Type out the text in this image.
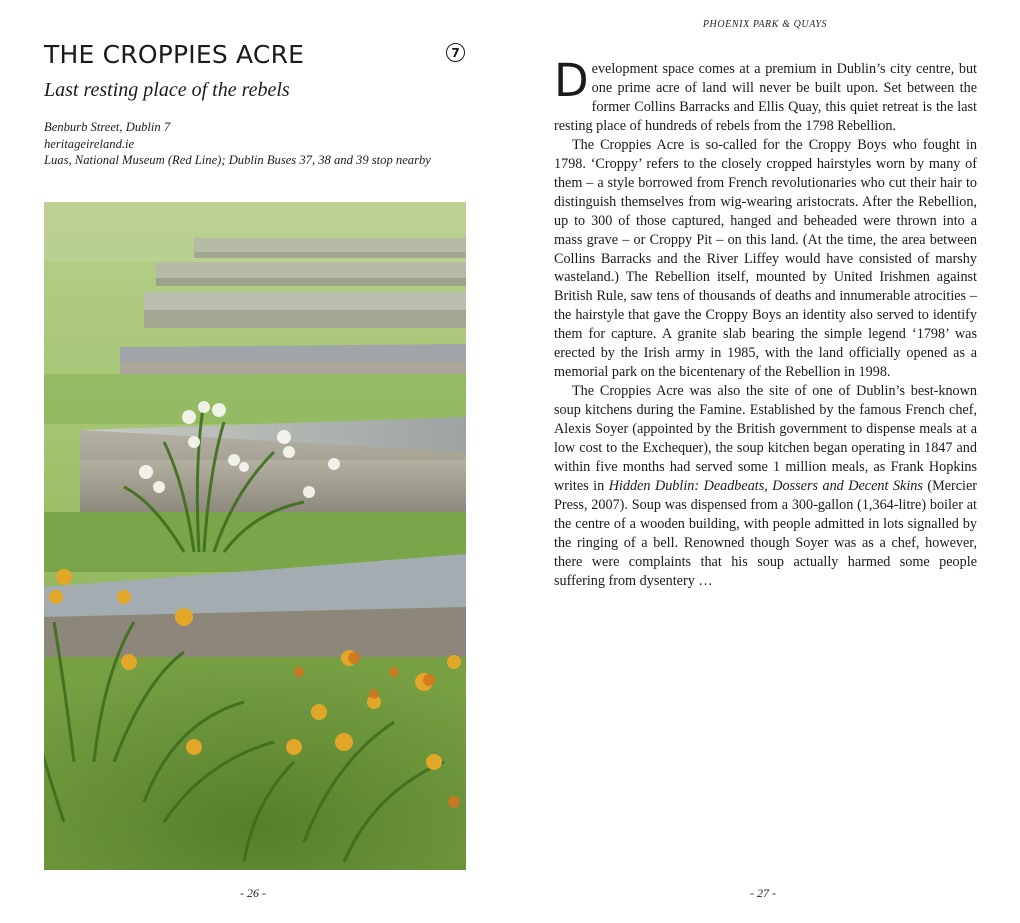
THE CROPPIES ACRE	7
Last resting place of the rebels
Benburb Street, Dublin 7
heritageireland.ie
Luas, National Museum (Red Line); Dublin Buses 37, 38 and 39 stop nearby
- 26 -
PHOENIX PARK & QUAYS

Development space comes at a premium in Dublin’s city centre, but one prime acre of land will never be built upon. Set between the former Collins Barracks and Ellis Quay, this quiet retreat is the last resting place of hundreds of rebels from the 1798 Rebellion.

The Croppies Acre is so-called for the Croppy Boys who fought in 1798. ‘Croppy’ refers to the closely cropped hairstyles worn by many of them – a style borrowed from French revolutionaries who cut their hair to distinguish themselves from wig-wearing aristocrats. After the Rebellion, up to 300 of those captured, hanged and beheaded were thrown into a mass grave – or Croppy Pit – on this land. (At the time, the area between Collins Barracks and the River Liffey would have consisted of marshy wasteland.) The Rebellion itself, mounted by United Irishmen against British Rule, saw tens of thousands of deaths and innumerable atrocities – the hairstyle that gave the Croppy Boys an identity also served to identify them for capture. A granite slab bearing the simple legend ‘1798’ was erected by the Irish army in 1985, with the land officially opened as a memorial park on the bicentenary of the Rebellion in 1998.

The Croppies Acre was also the site of one of Dublin’s best-known soup kitchens during the Famine. Established by the famous French chef, Alexis Soyer (appointed by the British government to dispense meals at a low cost to the Exchequer), the soup kitchen began operating in 1847 and within five months had served some 1 million meals, as Frank Hopkins writes in Hidden Dublin: Deadbeats, Dossers and Decent Skins (Mercier Press, 2007). Soup was dispensed from a 300-gallon (1,364-litre) boiler at the centre of a wooden building, with people admitted in lots signalled by the ringing of a bell. Renowned though Soyer was as a chef, however, there were complaints that his soup actually harmed some people suffering from dysentery …

- 27 -
